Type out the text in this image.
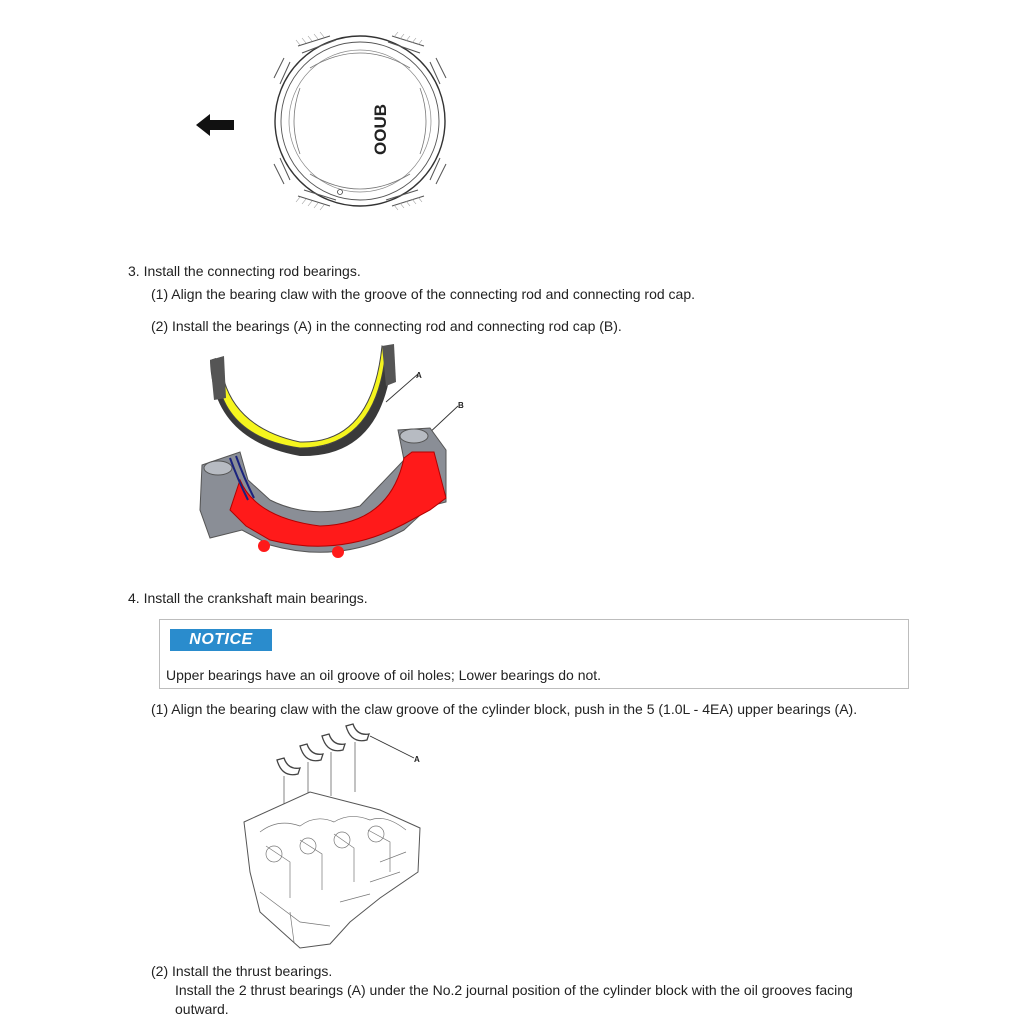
OOUB
3. Install the connecting rod bearings.
(1) Align the bearing claw with the groove of the connecting rod and connecting rod cap.
(2) Install the bearings (A) in the connecting rod and connecting rod cap (B).
A
B
4. Install the crankshaft main bearings.
NOTICE
Upper bearings have an oil groove of oil holes; Lower bearings do not.
(1) Align the bearing claw with the claw groove of the cylinder block, push in the 5 (1.0L - 4EA) upper bearings (A).
A
(2) Install the thrust bearings.
Install the 2 thrust bearings (A) under the No.2 journal position of the cylinder block with the oil grooves facing
outward.
